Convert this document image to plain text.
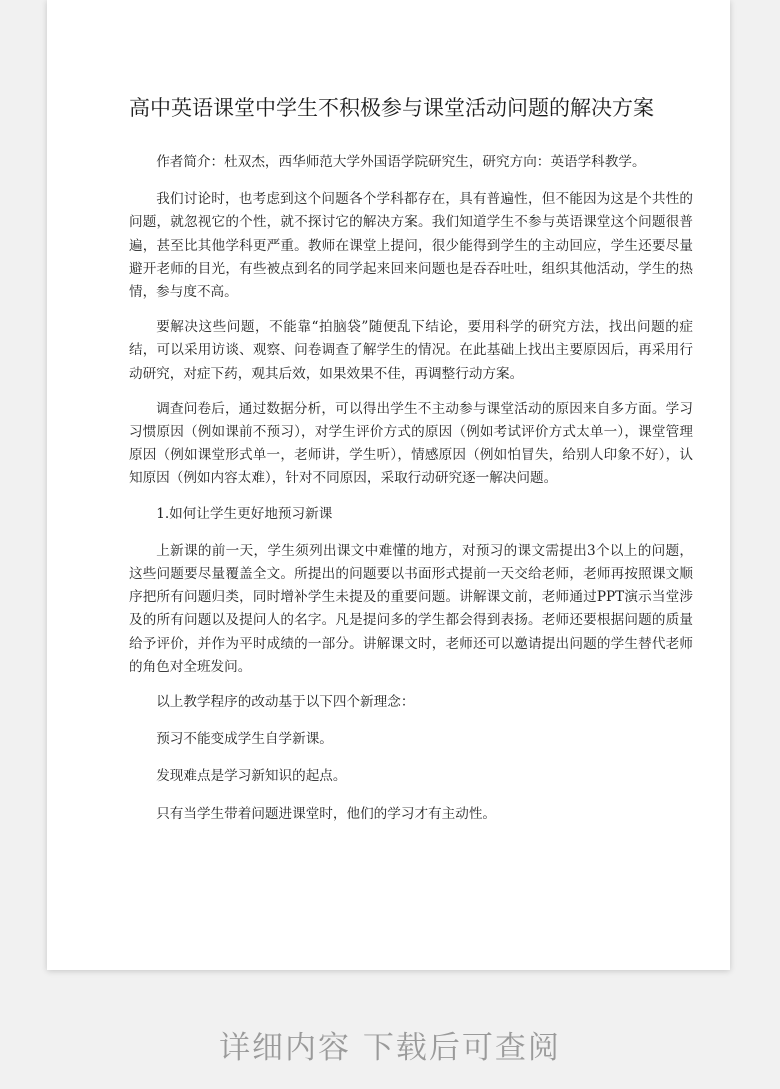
高中英语课堂中学生不积极参与课堂活动问题的解决方案

作者简介：杜双杰，西华师范大学外国语学院研究生，研究方向：英语学科教学。

我们讨论时，也考虑到这个问题各个学科都存在，具有普遍性，但不能因为这是个共性的问题，就忽视它的个性，就不探讨它的解决方案。我们知道学生不参与英语课堂这个问题很普遍，甚至比其他学科更严重。教师在课堂上提问，很少能得到学生的主动回应，学生还要尽量避开老师的目光，有些被点到名的同学起来回来问题也是吞吞吐吐，组织其他活动，学生的热情，参与度不高。

要解决这些问题，不能靠“拍脑袋”随便乱下结论，要用科学的研究方法，找出问题的症结，可以采用访谈、观察、问卷调查了解学生的情况。在此基础上找出主要原因后，再采用行动研究，对症下药，观其后效，如果效果不佳，再调整行动方案。

调查问卷后，通过数据分析，可以得出学生不主动参与课堂活动的原因来自多方面。学习习惯原因（例如课前不预习），对学生评价方式的原因（例如考试评价方式太单一），课堂管理原因（例如课堂形式单一，老师讲，学生听），情感原因（例如怕冒失，给别人印象不好），认知原因（例如内容太难），针对不同原因，采取行动研究逐一解决问题。

1.如何让学生更好地预习新课

上新课的前一天，学生须列出课文中难懂的地方，对预习的课文需提出3个以上的问题，这些问题要尽量覆盖全文。所提出的问题要以书面形式提前一天交给老师，老师再按照课文顺序把所有问题归类，同时增补学生未提及的重要问题。讲解课文前，老师通过PPT演示当堂涉及的所有问题以及提问人的名字。凡是提问多的学生都会得到表扬。老师还要根据问题的质量给予评价，并作为平时成绩的一部分。讲解课文时，老师还可以邀请提出问题的学生替代老师的角色对全班发问。

以上教学程序的改动基于以下四个新理念：

预习不能变成学生自学新课。

发现难点是学习新知识的起点。

只有当学生带着问题进课堂时，他们的学习才有主动性。

详细内容 下载后可查阅
